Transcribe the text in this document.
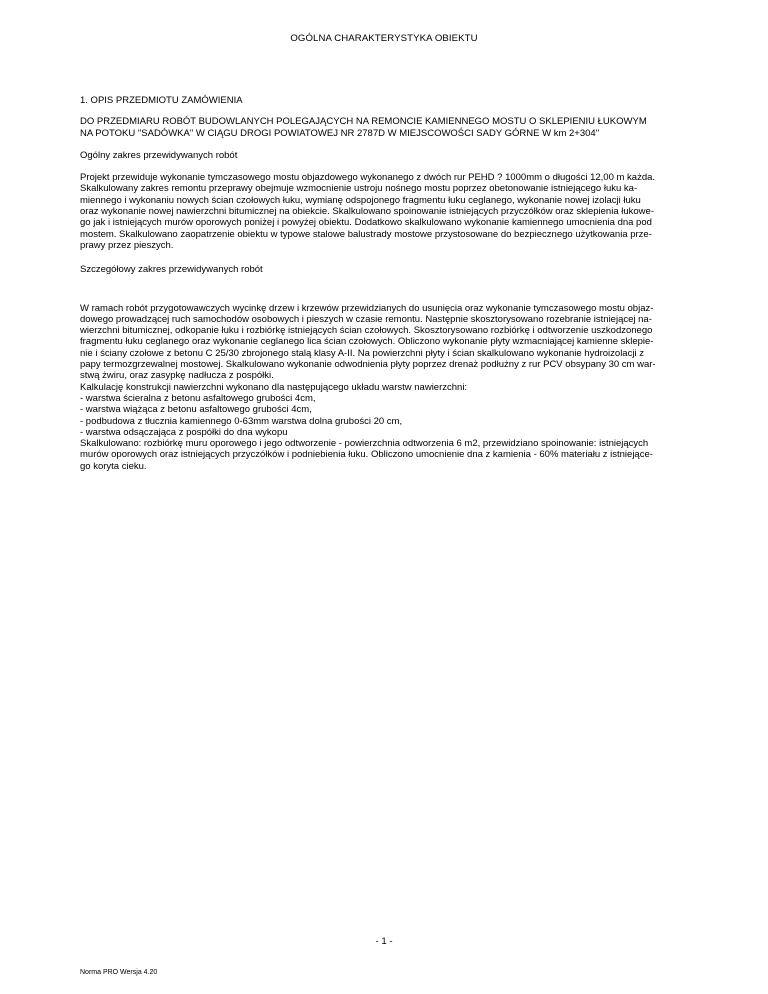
OGÓLNA CHARAKTERYSTYKA OBIEKTU

1. OPIS PRZEDMIOTU ZAMÓWIENIA

DO PRZEDMIARU ROBÓT BUDOWLANYCH POLEGAJĄCYCH NA REMONCIE KAMIENNEGO MOSTU O SKLEPIENIU ŁUKOWYM
NA POTOKU "SADÓWKA" W CIĄGU DROGI POWIATOWEJ NR 2787D W MIEJSCOWOŚCI SADY GÓRNE W km 2+304"

Ogólny zakres przewidywanych robót

Projekt przewiduje wykonanie tymczasowego mostu objazdowego wykonanego z dwóch rur PEHD ? 1000mm o długości 12,00 m każda.
Skalkulowany zakres remontu przeprawy obejmuje wzmocnienie ustroju nośnego mostu poprzez obetonowanie istniejącego łuku ka-
miennego i wykonaniu nowych ścian czołowych łuku, wymianę odspojonego fragmentu łuku ceglanego, wykonanie nowej izolacji łuku
oraz wykonanie nowej nawierzchni bitumicznej na obiekcie. Skalkulowano spoinowanie istniejących przyczółków oraz sklepienia łukowe-
go jak i istniejących murów oporowych poniżej i powyżej obiektu. Dodatkowo skalkulowano wykonanie kamiennego umocnienia dna pod
mostem. Skalkulowano zaopatrzenie obiektu w typowe stalowe balustrady mostowe przystosowane do bezpiecznego użytkowania prze-
prawy przez pieszych.

Szczegółowy zakres przewidywanych robót

W ramach robót przygotowawczych wycinkę drzew i krzewów przewidzianych do usunięcia oraz wykonanie tymczasowego mostu objaz-
dowego prowadzącej ruch samochodów osobowych i pieszych w czasie remontu. Następnie skosztorysowano rozebranie istniejącej na-
wierzchni bitumicznej, odkopanie łuku i rozbiórkę istniejących ścian czołowych. Skosztorysowano rozbiórkę i odtworzenie uszkodzonego
fragmentu łuku ceglanego oraz wykonanie ceglanego lica ścian czołowych. Obliczono wykonanie płyty wzmacniającej kamienne sklepie-
nie i ściany czołowe z betonu C 25/30 zbrojonego stalą klasy A-II. Na powierzchni płyty i ścian skalkulowano wykonanie hydroizolacji z
papy termozgrzewalnej mostowej. Skalkulowano wykonanie odwodnienia płyty poprzez drenaż podłużny z rur PCV obsypany 30 cm war-
stwą żwiru, oraz zasypkę nadłucza z pospółki.
Kalkulację konstrukcji nawierzchni wykonano dla następującego układu warstw nawierzchni:
- warstwa ścieralna z betonu asfaltowego grubości 4cm,
- warstwa wiążąca z betonu asfaltowego grubości 4cm,
- podbudowa z tłucznia kamiennego 0-63mm warstwa dolna grubości 20 cm,
- warstwa odsączająca z pospółki do dna wykopu
Skalkulowano: rozbiórkę muru oporowego i jego odtworzenie - powierzchnia odtworzenia 6 m2, przewidziano spoinowanie: istniejących
murów oporowych oraz istniejących przyczółków i podniebienia łuku. Obliczono umocnienie dna z kamienia - 60% materiału z istniejące-
go koryta cieku.
- 1 -
Norma PRO Wersja 4.20
